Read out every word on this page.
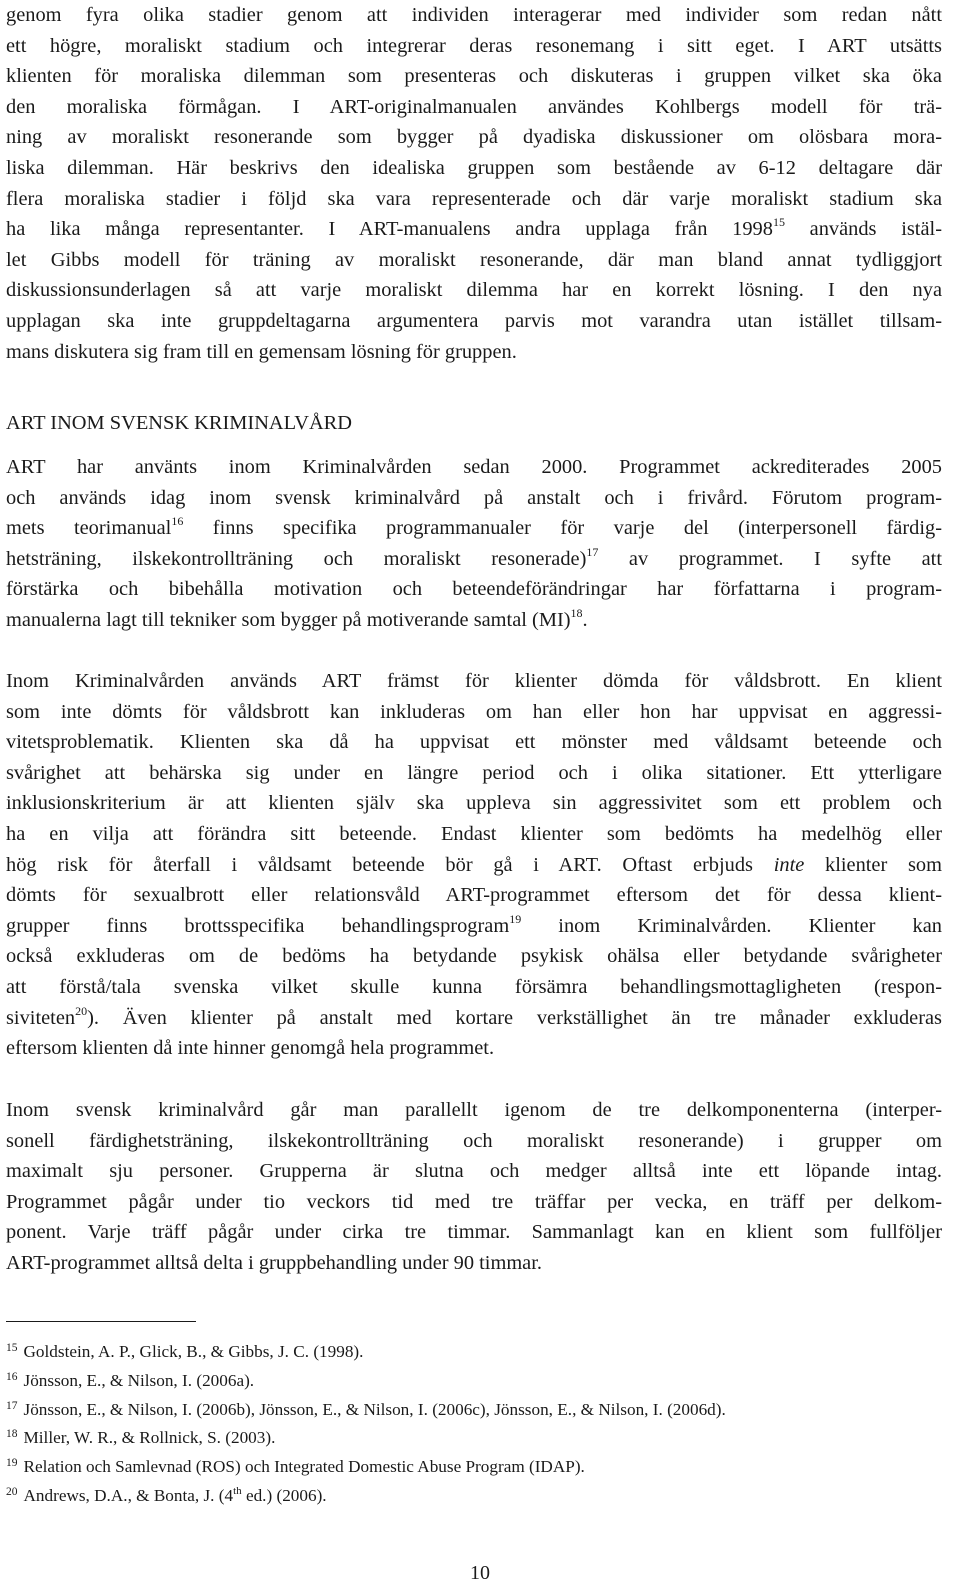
genom fyra olika stadier genom att individen interagerar med individer som redan nått
ett högre, moraliskt stadium och integrerar deras resonemang i sitt eget. I ART utsätts
klienten för moraliska dilemman som presenteras och diskuteras i gruppen vilket ska öka
den moraliska förmågan. I ART-originalmanualen användes Kohlbergs modell för trä-
ning av moraliskt resonerande som bygger på dyadiska diskussioner om olösbara mora-
liska dilemman. Här beskrivs den idealiska gruppen som bestående av 6-12 deltagare där
flera moraliska stadier i följd ska vara representerade och där varje moraliskt stadium ska
ha lika många representanter. I ART-manualens andra upplaga från 1998$^{15}$ används istäl-
let Gibbs modell för träning av moraliskt resonerande, där man bland annat tydliggjort
diskussionsunderlagen så att varje moraliskt dilemma har en korrekt lösning. I den nya
upplagan ska inte gruppdeltagarna argumentera parvis mot varandra utan istället tillsam-
mans diskutera sig fram till en gemensam lösning för gruppen.

ART INOM SVENSK KRIMINALVÅRD

ART har använts inom Kriminalvården sedan 2000. Programmet ackrediterades 2005
och används idag inom svensk kriminalvård på anstalt och i frivård. Förutom program-
mets teorimanual$^{16}$ finns specifika programmanualer för varje del (interpersonell färdig-
hetsträning, ilskekontrollträning och moraliskt resonerade)$^{17}$ av programmet. I syfte att
förstärka och bibehålla motivation och beteendeförändringar har författarna i program-
manualerna lagt till tekniker som bygger på motiverande samtal (MI)$^{18}$.

Inom Kriminalvården används ART främst för klienter dömda för våldsbrott. En klient
som inte dömts för våldsbrott kan inkluderas om han eller hon har uppvisat en aggressi-
vitetsproblematik. Klienten ska då ha uppvisat ett mönster med våldsamt beteende och
svårighet att behärska sig under en längre period och i olika sitationer. Ett ytterligare
inklusionskriterium är att klienten själv ska uppleva sin aggressivitet som ett problem och
ha en vilja att förändra sitt beteende. Endast klienter som bedömts ha medelhög eller
hög risk för återfall i våldsamt beteende bör gå i ART. Oftast erbjuds inte klienter som
dömts för sexualbrott eller relationsvåld ART-programmet eftersom det för dessa klient-
grupper finns brottsspecifika behandlingsprogram$^{19}$ inom Kriminalvården. Klienter kan
också exkluderas om de bedöms ha betydande psykisk ohälsa eller betydande svårigheter
att förstå/tala svenska vilket skulle kunna försämra behandlingsmottagligheten (respon-
siviteten$^{20}$). Även klienter på anstalt med kortare verkställighet än tre månader exkluderas
eftersom klienten då inte hinner genomgå hela programmet.

Inom svensk kriminalvård går man parallellt igenom de tre delkomponenterna (interper-
sonell färdighetsträning, ilskekontrollträning och moraliskt resonerande) i grupper om
maximalt sju personer. Grupperna är slutna och medger alltså inte ett löpande intag.
Programmet pågår under tio veckors tid med tre träffar per vecka, en träff per delkom-
ponent. Varje träff pågår under cirka tre timmar. Sammanlagt kan en klient som fullföljer
ART-programmet alltså delta i gruppbehandling under 90 timmar.

$^{15}$ Goldstein, A. P., Glick, B., & Gibbs, J. C. (1998).
$^{16}$ Jönsson, E., & Nilson, I. (2006a).
$^{17}$ Jönsson, E., & Nilson, I. (2006b), Jönsson, E., & Nilson, I. (2006c), Jönsson, E., & Nilson, I. (2006d).
$^{18}$ Miller, W. R., & Rollnick, S. (2003).
$^{19}$ Relation och Samlevnad (ROS) och Integrated Domestic Abuse Program (IDAP).
$^{20}$ Andrews, D.A., & Bonta, J. (4th ed.) (2006).
10
